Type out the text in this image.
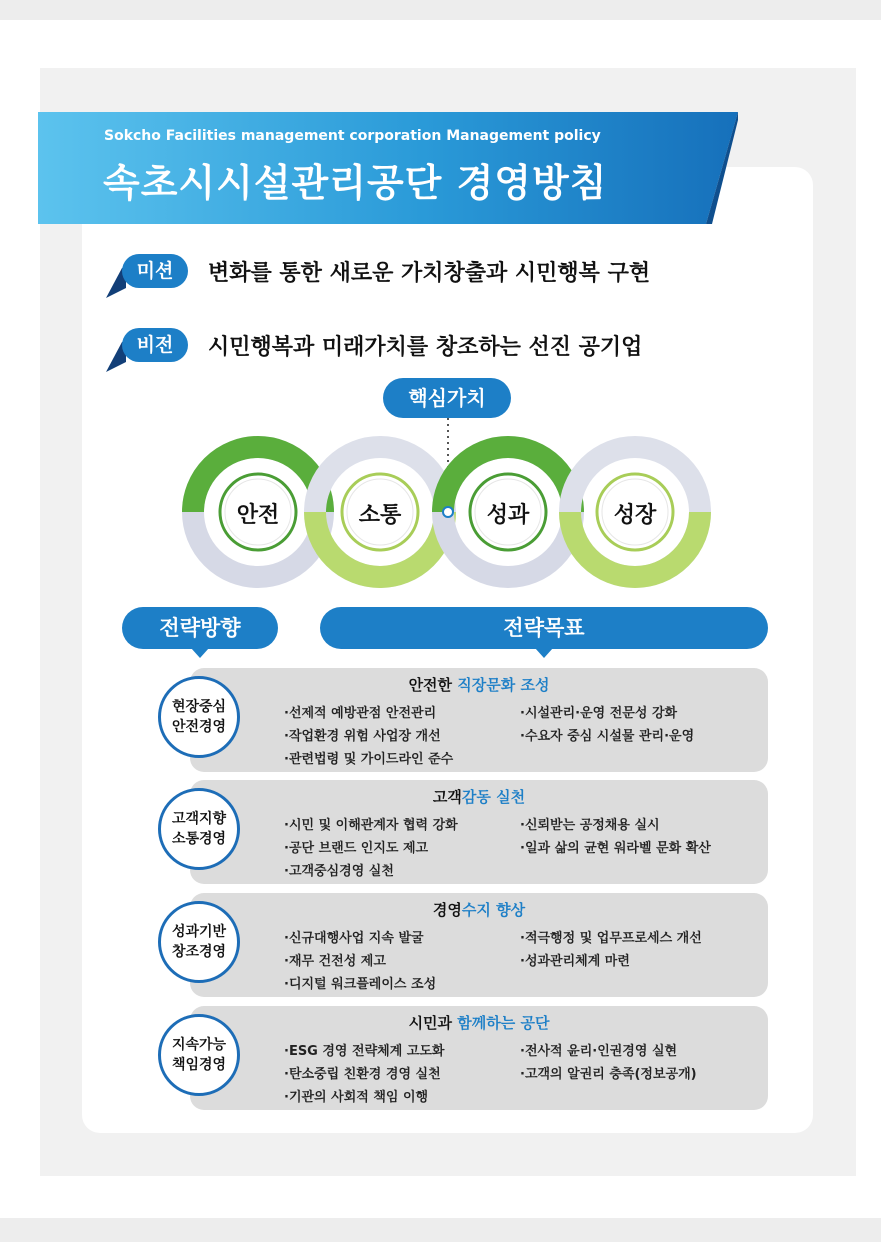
Sokcho Facilities management corporation Management policy
속초시시설관리공단 경영방침
미션	변화를 통한 새로운 가치창출과 시민행복 구현
비전	시민행복과 미래가치를 창조하는 선진 공기업
핵심가치
안전	소통	성과	성장
전략방향	전략목표
안전한 직장문화 조성
현장중심
안전경영
·선제적 예방관점 안전관리
·작업환경 위험 사업장 개선
·관련법령 및 가이드라인 준수
·시설관리·운영 전문성 강화
·수요자 중심 시설물 관리·운영
고객감동 실천
고객지향
소통경영
·시민 및 이해관계자 협력 강화
·공단 브랜드 인지도 제고
·고객중심경영 실천
·신뢰받는 공정채용 실시
·일과 삶의 균현 워라벨 문화 확산
경영수지 향상
성과기반
창조경영
·신규대행사업 지속 발굴
·재무 건전성 제고
·디지털 워크플레이스 조성
·적극행정 및 업무프로세스 개선
·성과관리체계 마련
시민과 함께하는 공단
지속가능
책임경영
·ESG 경영 전략체계 고도화
·탄소중립 친환경 경영 실천
·기관의 사회적 책임 이행
·전사적 윤리·인권경영 실현
·고객의 알권리 충족(정보공개)
